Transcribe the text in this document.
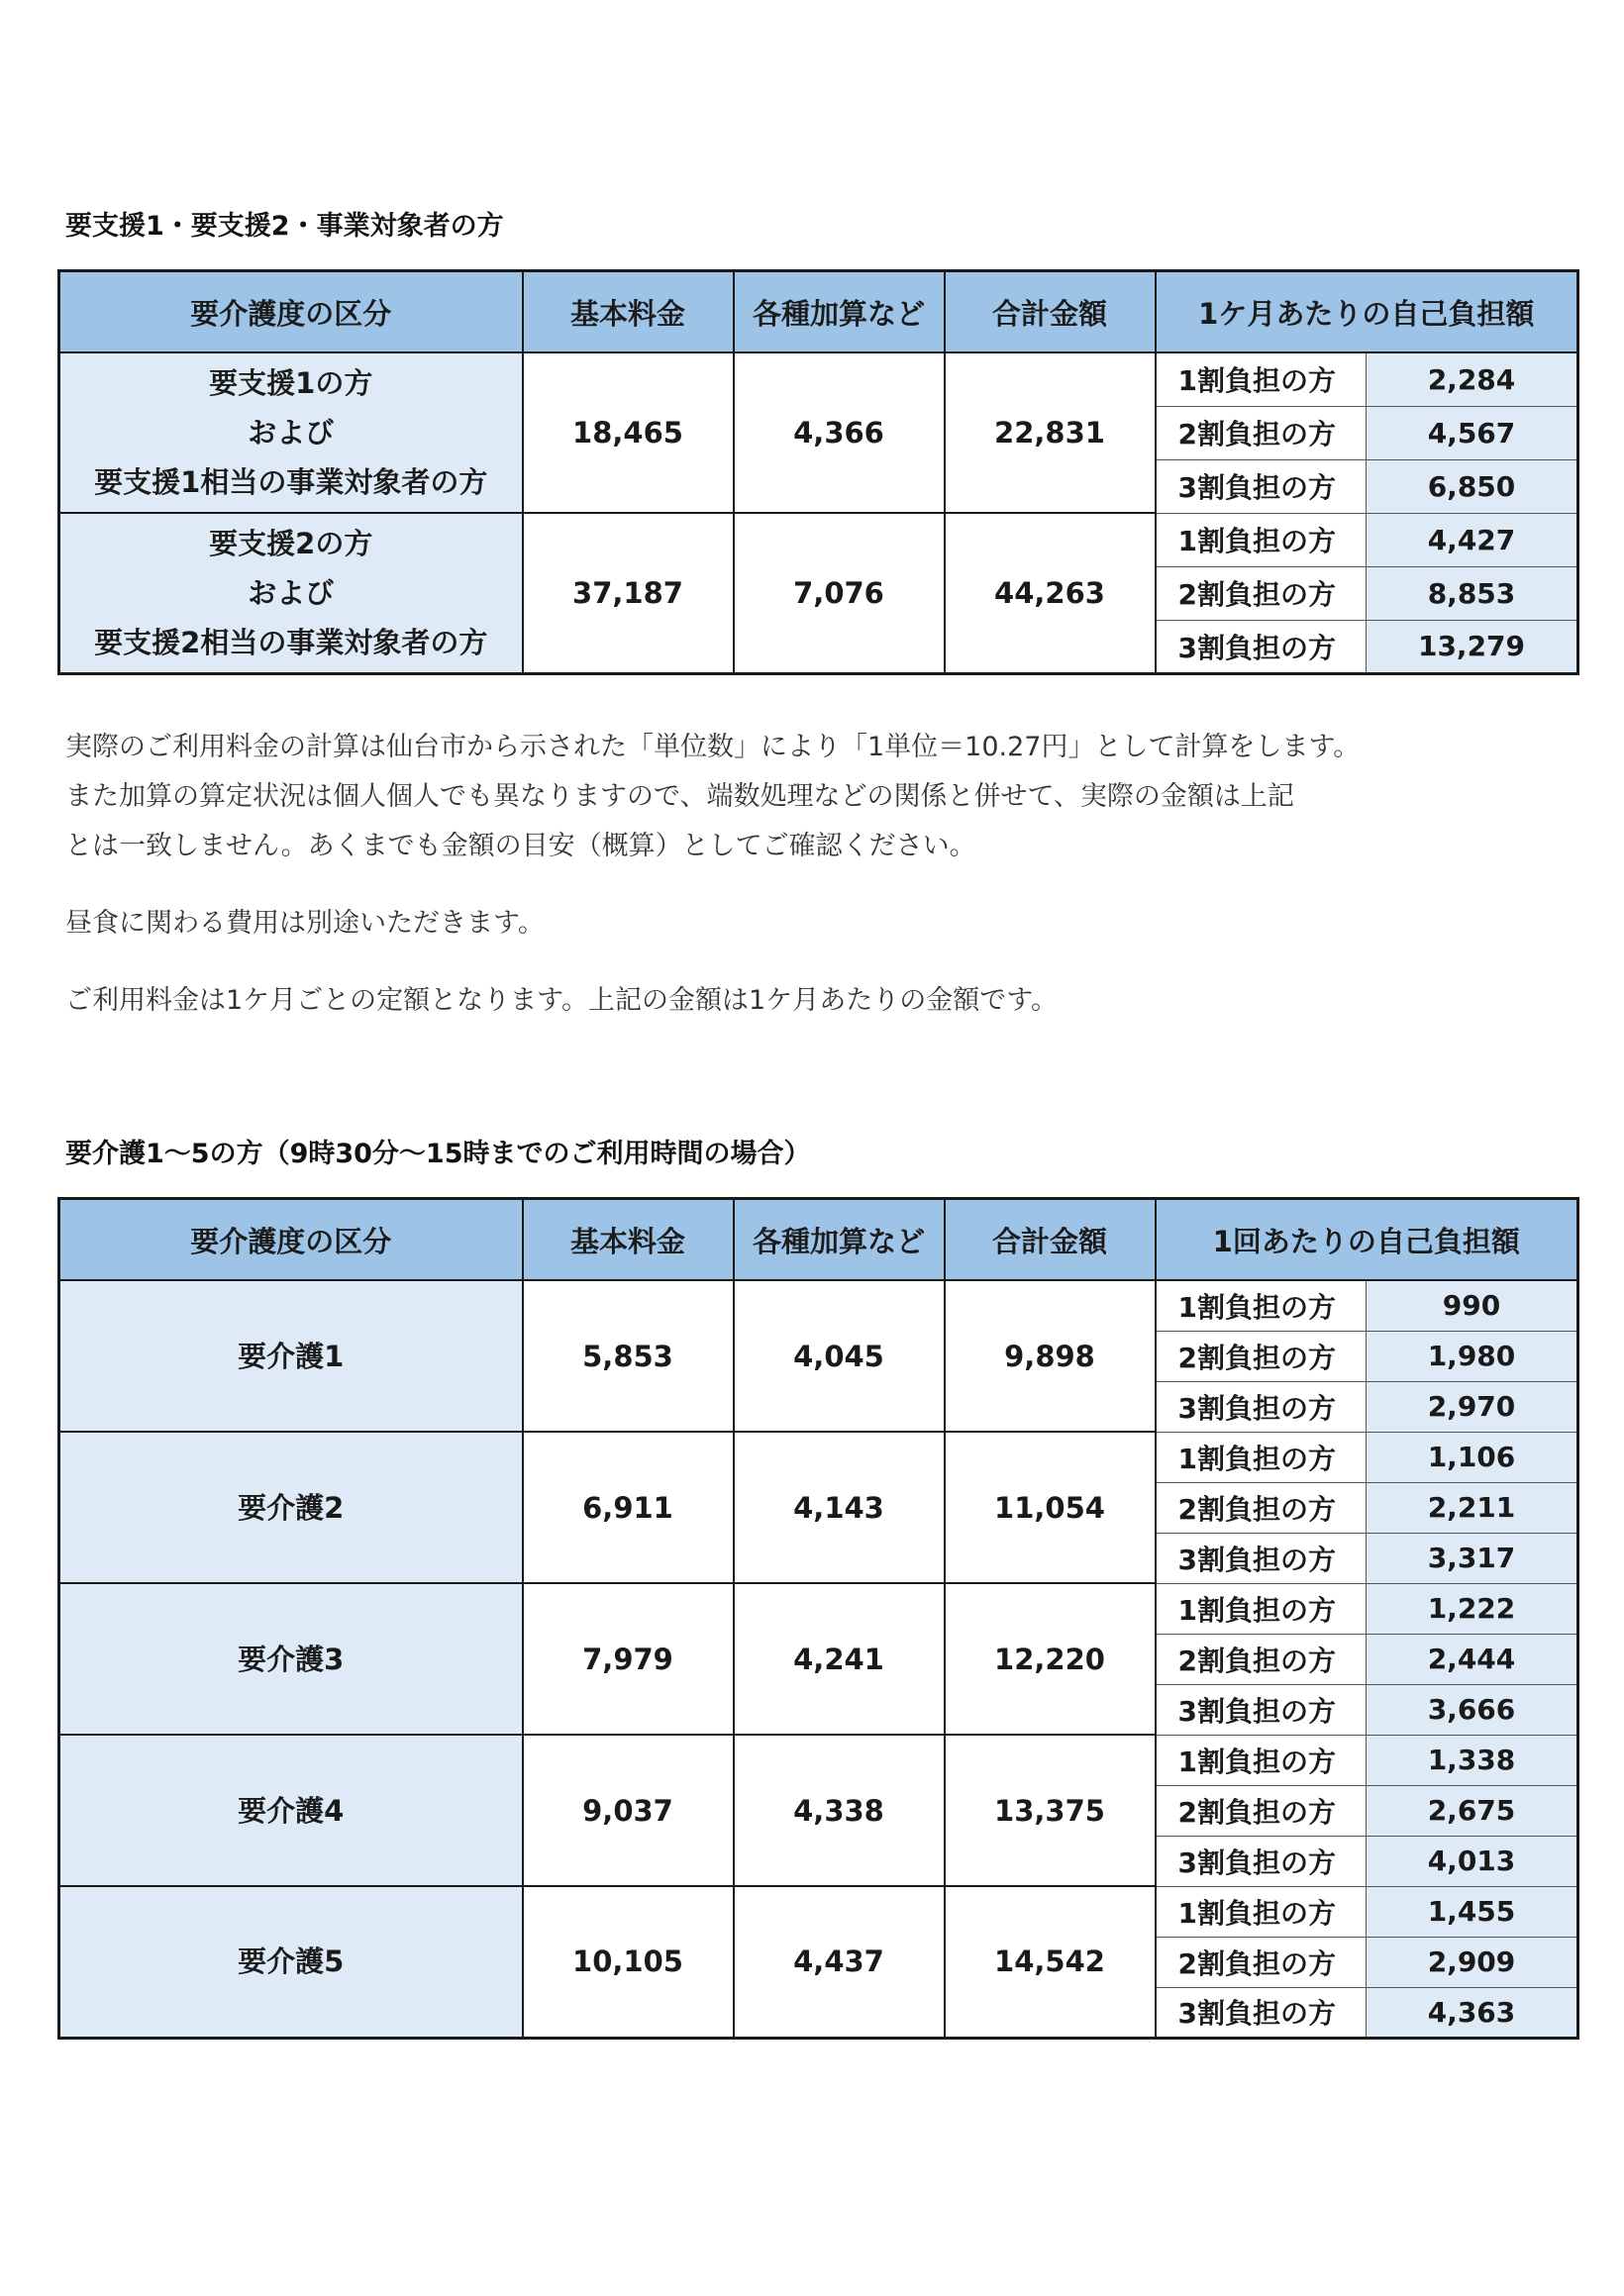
要支援1・要支援2・事業対象者の方
要介護度の区分	基本料金	各種加算など	合計金額	1ケ月あたりの自己負担額	

要支援1の方
および
要支援1相当の事業対象者の方	18,465	4,366	22,831	1割負担の方	2,284
				2割負担の方	4,567
				3割負担の方	6,850

要支援2の方
および
要支援2相当の事業対象者の方	37,187	7,076	44,263	1割負担の方	4,427
				2割負担の方	8,853
				3割負担の方	13,279

実際のご利用料金の計算は仙台市から示された「単位数」により「1単位＝10.27円」として計算をします。

また加算の算定状況は個人個人でも異なりますので、端数処理などの関係と併せて、実際の金額は上記

とは一致しません。あくまでも金額の目安（概算）としてご確認ください。

昼食に関わる費用は別途いただきます。

ご利用料金は1ケ月ごとの定額となります。上記の金額は1ケ月あたりの金額です。

要介護1〜5の方（9時30分〜15時までのご利用時間の場合）
要介護度の区分	基本料金	各種加算など	合計金額	1回あたりの自己負担額	
要介護1	5,853	4,045	9,898	1割負担の方	990
				2割負担の方	1,980
				3割負担の方	2,970
要介護2	6,911	4,143	11,054	1割負担の方	1,106
				2割負担の方	2,211
				3割負担の方	3,317
要介護3	7,979	4,241	12,220	1割負担の方	1,222
				2割負担の方	2,444
				3割負担の方	3,666
要介護4	9,037	4,338	13,375	1割負担の方	1,338
				2割負担の方	2,675
				3割負担の方	4,013
要介護5	10,105	4,437	14,542	1割負担の方	1,455
				2割負担の方	2,909
				3割負担の方	4,363
